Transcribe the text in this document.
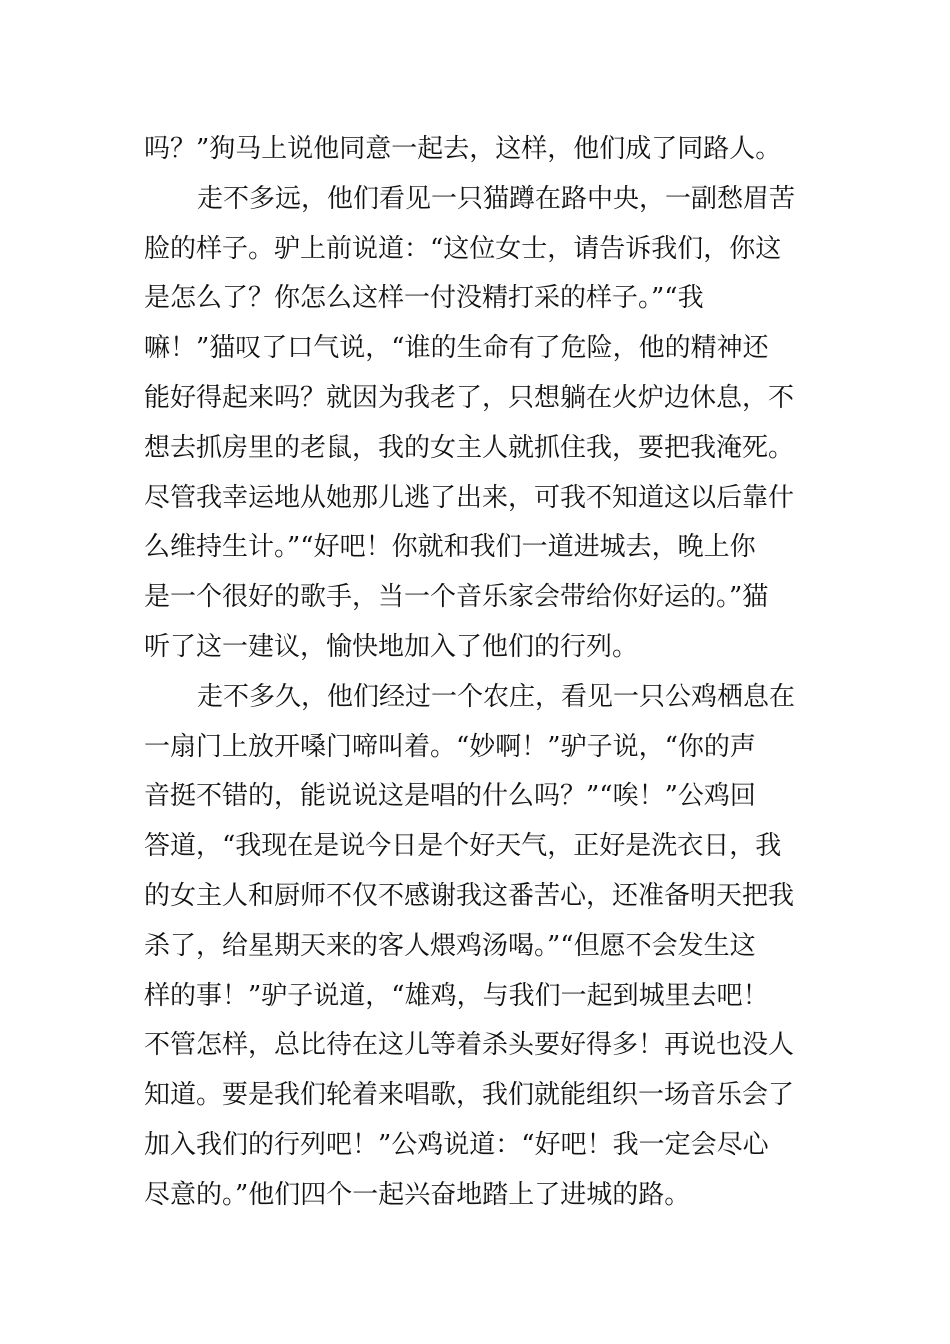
吗？”狗马上说他同意一起去，这样，他们成了同路人。
走不多远，他们看见一只猫蹲在路中央，一副愁眉苦
脸的样子。驴上前说道：“这位女士，请告诉我们，你这
是怎么了？你怎么这样一付没精打采的样子。”“我
嘛！”猫叹了口气说，“谁的生命有了危险，他的精神还
能好得起来吗？就因为我老了，只想躺在火炉边休息，不
想去抓房里的老鼠，我的女主人就抓住我，要把我淹死。
尽管我幸运地从她那儿逃了出来，可我不知道这以后靠什
么维持生计。”“好吧！你就和我们一道进城去，晚上你
是一个很好的歌手，当一个音乐家会带给你好运的。”猫
听了这一建议，愉快地加入了他们的行列。
走不多久，他们经过一个农庄，看见一只公鸡栖息在
一扇门上放开嗓门啼叫着。“妙啊！”驴子说，“你的声
音挺不错的，能说说这是唱的什么吗？”“唉！”公鸡回
答道，“我现在是说今日是个好天气，正好是洗衣日，我
的女主人和厨师不仅不感谢我这番苦心，还准备明天把我
杀了，给星期天来的客人煨鸡汤喝。”“但愿不会发生这
样的事！”驴子说道，“雄鸡，与我们一起到城里去吧！
不管怎样，总比待在这儿等着杀头要好得多！再说也没人
知道。要是我们轮着来唱歌，我们就能组织一场音乐会了
加入我们的行列吧！”公鸡说道：“好吧！我一定会尽心
尽意的。”他们四个一起兴奋地踏上了进城的路。
